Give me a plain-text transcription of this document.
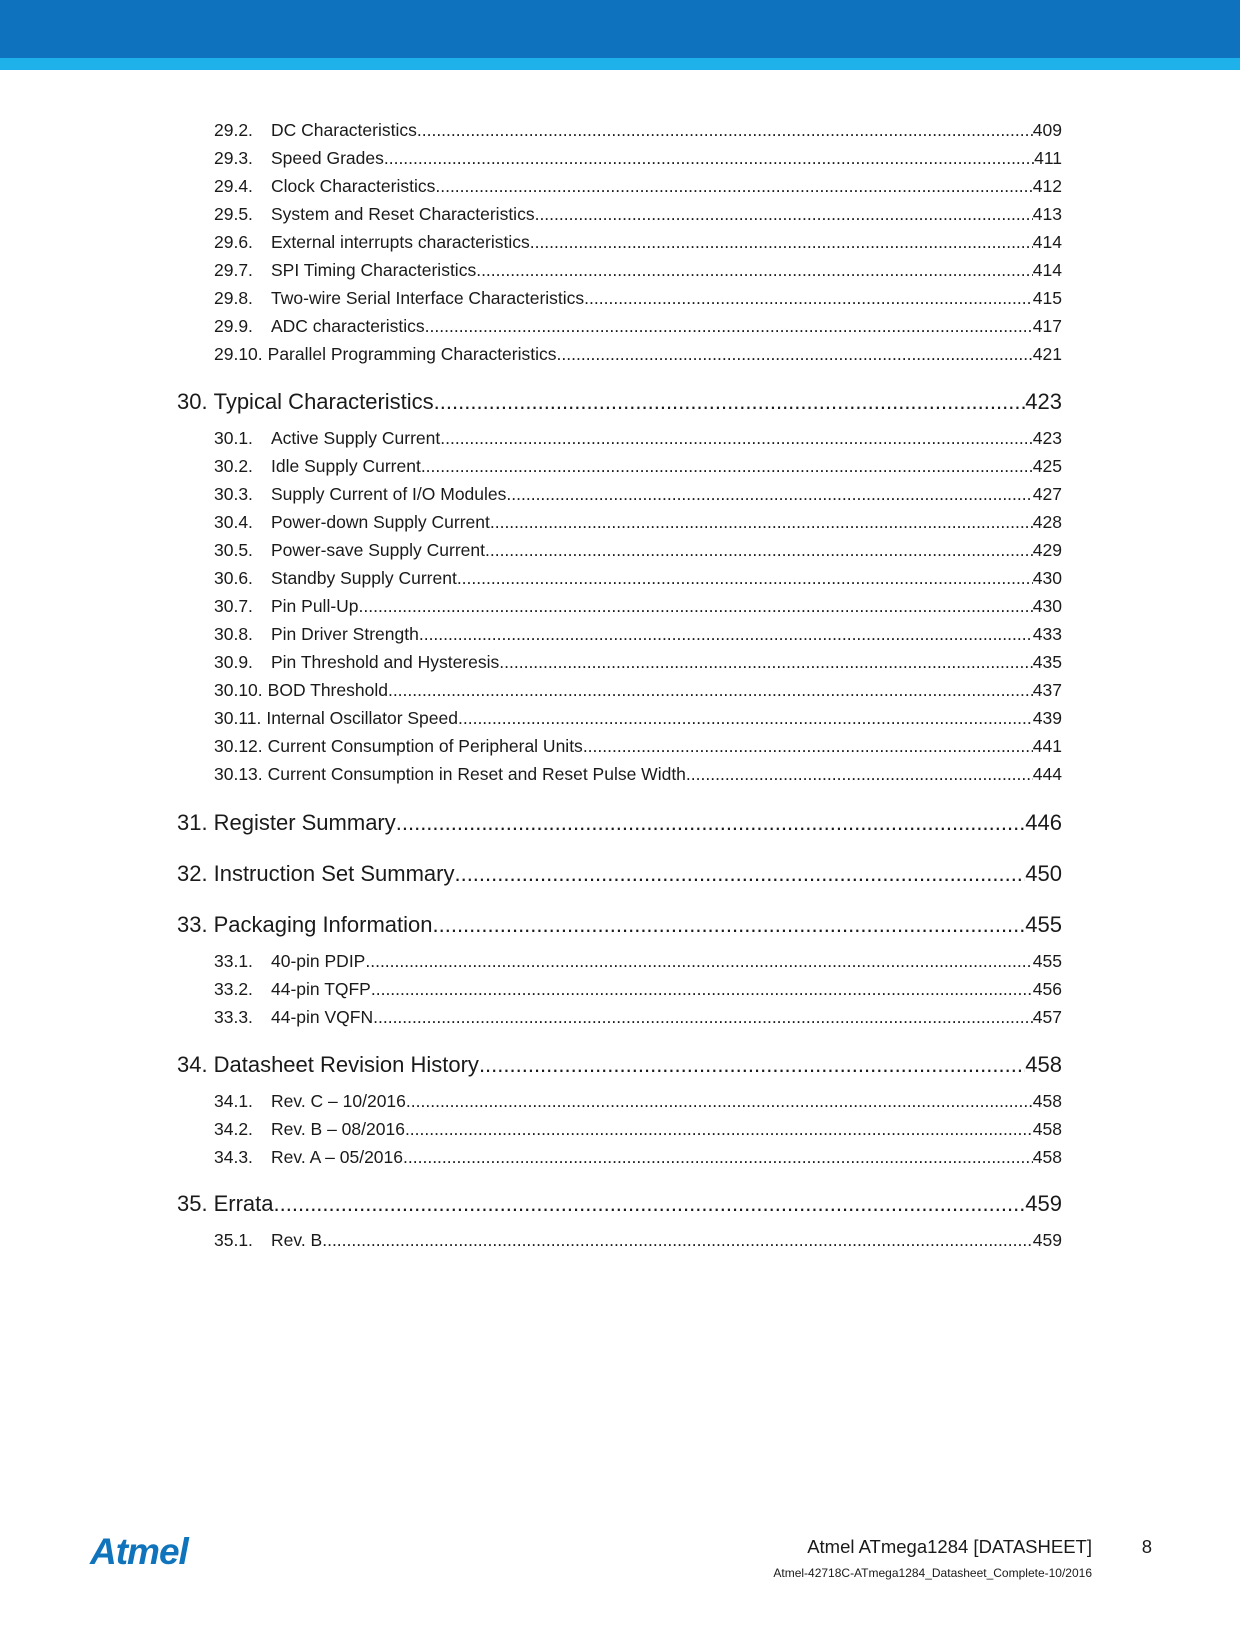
29.2.	DC Characteristics .....	409
29.3.	Speed Grades .....	411
29.4.	Clock Characteristics .....	412
29.5.	System and Reset Characteristics .....	413
29.6.	External interrupts characteristics .....	414
29.7.	SPI Timing Characteristics .....	414
29.8.	Two-wire Serial Interface Characteristics .....	415
29.9.	ADC characteristics .....	417
29.10. Parallel Programming Characteristics .....	421
30. Typical Characteristics .....	423
30.1.	Active Supply Current .....	423
30.2.	Idle Supply Current .....	425
30.3.	Supply Current of I/O Modules .....	427
30.4.	Power-down Supply Current .....	428
30.5.	Power-save Supply Current .....	429
30.6.	Standby Supply Current .....	430
30.7.	Pin Pull-Up .....	430
30.8.	Pin Driver Strength .....	433
30.9.	Pin Threshold and Hysteresis .....	435
30.10. BOD Threshold .....	437
30.11. Internal Oscillator Speed .....	439
30.12. Current Consumption of Peripheral Units .....	441
30.13. Current Consumption in Reset and Reset Pulse Width .....	444
31. Register Summary .....	446
32. Instruction Set Summary .....	450
33. Packaging Information .....	455
33.1.	40-pin PDIP .....	455
33.2.	44-pin TQFP .....	456
33.3.	44-pin VQFN .....	457
34. Datasheet Revision History .....	458
34.1.	Rev. C – 10/2016 .....	458
34.2.	Rev. B – 08/2016 .....	458
34.3.	Rev. A – 05/2016 .....	458
35. Errata .....	459
35.1.	Rev. B .....	459
Atmel	Atmel ATmega1284 [DATASHEET]	8
Atmel-42718C-ATmega1284_Datasheet_Complete-10/2016
